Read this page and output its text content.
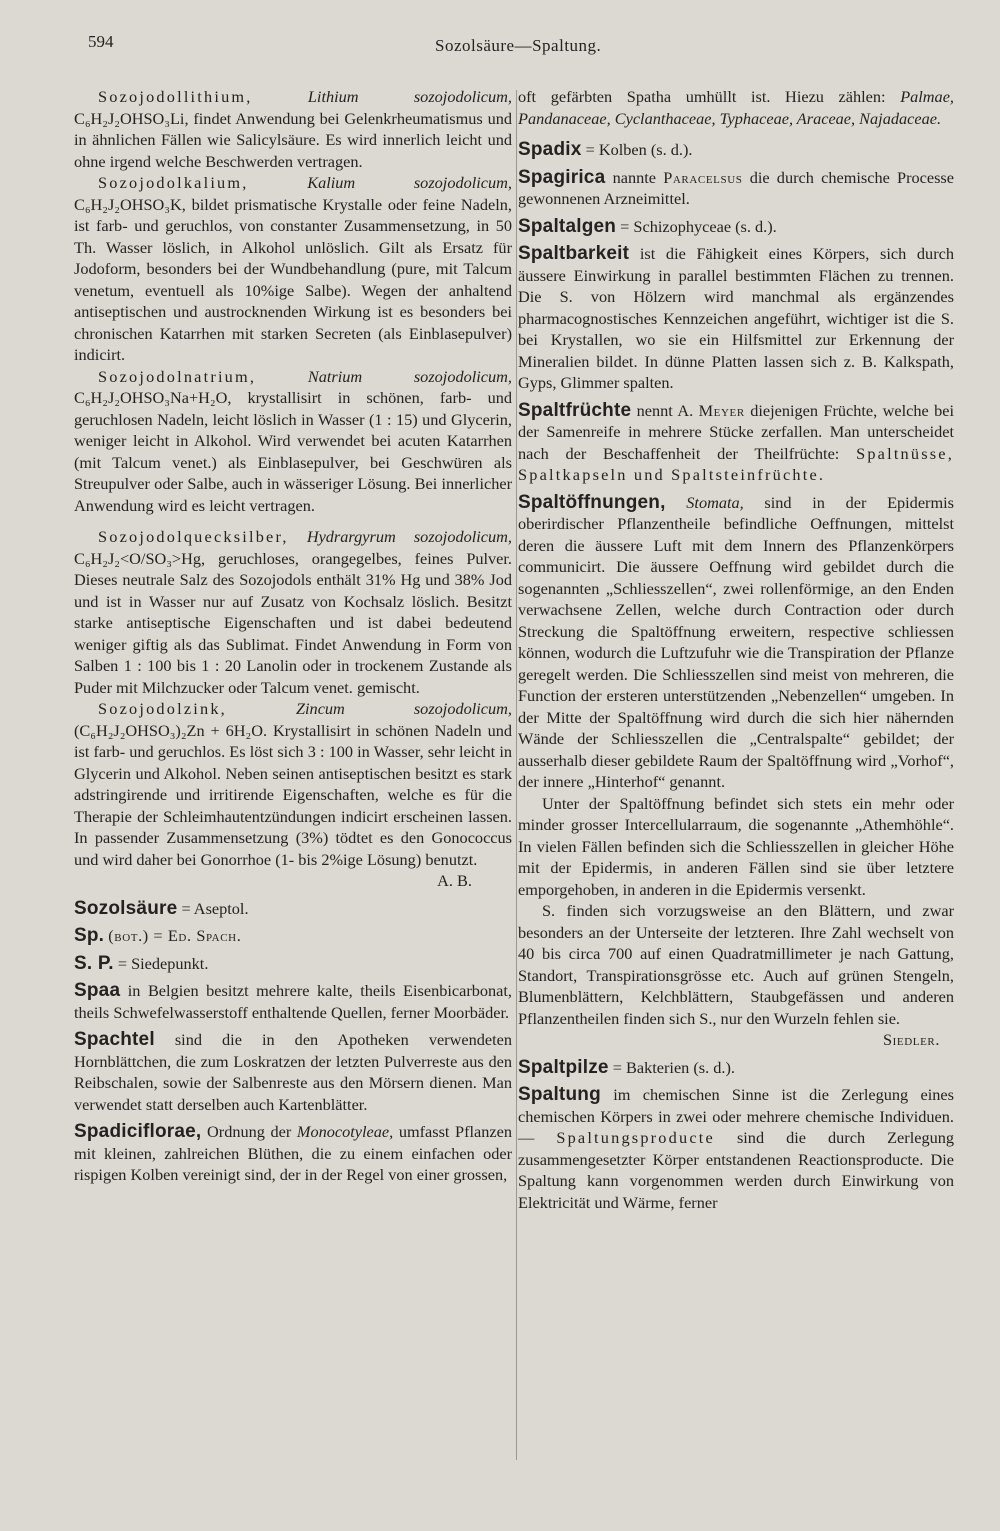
594	Sozolsäure—Spaltung.

Sozojodollithium,	Lithium sozojodolicum, C₆H₂J₂OHSO₃Li, findet Anwendung bei Gelenkrheumatismus und in ähnlichen Fällen wie Salicylsäure. Es wird innerlich leicht und ohne irgend welche Beschwerden vertragen.

Sozojodolkalium,	Kalium sozojodolicum, C₆H₂J₂OHSO₃K, bildet prismatische Krystalle oder feine Nadeln, ist farb- und geruchlos, von constanter Zusammensetzung, in 50 Th. Wasser löslich, in Alkohol unlöslich. Gilt als Ersatz für Jodoform, besonders bei der Wundbehandlung (pure, mit Talcum venetum, eventuell als 10%ige Salbe). Wegen der anhaltend antiseptischen und austrocknenden Wirkung ist es besonders bei chronischen Katarrhen mit starken Secreten (als Einblasepulver) indicirt.

Sozojodolnatrium,	Natrium sozojodolicum, C₆H₂J₂OHSO₃Na+H₂O, krystallisirt in schönen, farb- und geruchlosen Nadeln, leicht löslich in Wasser (1 : 15) und Glycerin, weniger leicht in Alkohol. Wird verwendet bei acuten Katarrhen (mit Talcum venet.) als Einblasepulver, bei Geschwüren als Streupulver oder Salbe, auch in wässeriger Lösung. Bei innerlicher Anwendung wird es leicht vertragen.

Sozojodolquecksilber, Hydrargyrum sozojodolicum, C₆H₂J₂<O/SO₃>Hg, geruchloses, orangegelbes, feines Pulver. Dieses neutrale Salz des Sozojodols enthält 31% Hg und 38% Jod und ist in Wasser nur auf Zusatz von Kochsalz löslich. Besitzt starke antiseptische Eigenschaften und ist dabei bedeutend weniger giftig als das Sublimat. Findet Anwendung in Form von Salben 1 : 100 bis 1 : 20 Lanolin oder in trockenem Zustande als Puder mit Milchzucker oder Talcum venet. gemischt.

Sozojodolzink,	Zincum sozojodolicum, (C₆H₂J₂OHSO₃)₂Zn + 6H₂O. Krystallisirt in schönen Nadeln und ist farb- und geruchlos. Es löst sich 3 : 100 in Wasser, sehr leicht in Glycerin und Alkohol. Neben seinen antiseptischen besitzt es stark adstringirende und irritirende Eigenschaften, welche es für die Therapie der Schleimhautentzündungen indicirt erscheinen lassen. In passender Zusammensetzung (3%) tödtet es den Gonococcus und wird daher bei Gonorrhoe (1- bis 2%ige Lösung) benutzt.

A. B.

Sozolsäure = Aseptol.

Sp. (bot.) = Ed. Spach.

S. P. = Siedepunkt.

Spaa in Belgien besitzt mehrere kalte, theils Eisenbicarbonat, theils Schwefelwasserstoff enthaltende Quellen, ferner Moorbäder.

Spachtel sind die in den Apotheken verwendeten Hornblättchen, die zum Loskratzen der letzten Pulverreste aus den Reibschalen, sowie der Salbenreste aus den Mörsern dienen. Man verwendet statt derselben auch Kartenblätter.

Spadiciflorae, Ordnung der Monocotyleae, umfasst Pflanzen mit kleinen, zahlreichen Blüthen, die zu einem einfachen oder rispigen Kolben vereinigt sind, der in der Regel von einer grossen,

oft gefärbten Spatha umhüllt ist. Hiezu zählen: Palmae, Pandanaceae, Cyclanthaceae, Typhaceae, Araceae, Najadaceae.

Spadix = Kolben (s. d.).

Spagirica nannte Paracelsus die durch chemische Processe gewonnenen Arzneimittel.

Spaltalgen = Schizophyceae (s. d.).

Spaltbarkeit ist die Fähigkeit eines Körpers, sich durch äussere Einwirkung in parallel bestimmten Flächen zu trennen. Die S. von Hölzern wird manchmal als ergänzendes pharmacognostisches Kennzeichen angeführt, wichtiger ist die S. bei Krystallen, wo sie ein Hilfsmittel zur Erkennung der Mineralien bildet. In dünne Platten lassen sich z. B. Kalkspath, Gyps, Glimmer spalten.

Spaltfrüchte nennt A. Meyer diejenigen Früchte, welche bei der Samenreife in mehrere Stücke zerfallen. Man unterscheidet nach der Beschaffenheit der Theilfrüchte: Spaltnüsse, Spaltkapseln und Spaltsteinfrüchte.

Spaltöffnungen, Stomata, sind in der Epidermis oberirdischer Pflanzentheile befindliche Oeffnungen, mittelst deren die äussere Luft mit dem Innern des Pflanzenkörpers communicirt. Die äussere Oeffnung wird gebildet durch die sogenannten „Schliesszellen“, zwei rollenförmige, an den Enden verwachsene Zellen, welche durch Contraction oder durch Streckung die Spaltöffnung erweitern, respective schliessen können, wodurch die Luftzufuhr wie die Transpiration der Pflanze geregelt werden. Die Schliesszellen sind meist von mehreren, die Function der ersteren unterstützenden „Nebenzellen“ umgeben. In der Mitte der Spaltöffnung wird durch die sich hier nähernden Wände der Schliesszellen die „Centralspalte“ gebildet; der ausserhalb dieser gebildete Raum der Spaltöffnung wird „Vorhof“, der innere „Hinterhof“ genannt.

Unter der Spaltöffnung befindet sich stets ein mehr oder minder grosser Intercellularraum, die sogenannte „Athemhöhle“. In vielen Fällen befinden sich die Schliesszellen in gleicher Höhe mit der Epidermis, in anderen Fällen sind sie über letztere emporgehoben, in anderen in die Epidermis versenkt.

S. finden sich vorzugsweise an den Blättern, und zwar besonders an der Unterseite der letzteren. Ihre Zahl wechselt von 40 bis circa 700 auf einen Quadratmillimeter je nach Gattung, Standort, Transpirationsgrösse etc. Auch auf grünen Stengeln, Blumenblättern, Kelchblättern, Staubgefässen und anderen Pflanzentheilen finden sich S., nur den Wurzeln fehlen sie.
Siedler.

Spaltpilze = Bakterien (s. d.).

Spaltung im chemischen Sinne ist die Zerlegung eines chemischen Körpers in zwei oder mehrere chemische Individuen. — Spaltungsproducte sind die durch Zerlegung zusammengesetzter Körper entstandenen Reactionsproducte. Die Spaltung kann vorgenommen werden durch Einwirkung von Elektricität und Wärme, ferner
